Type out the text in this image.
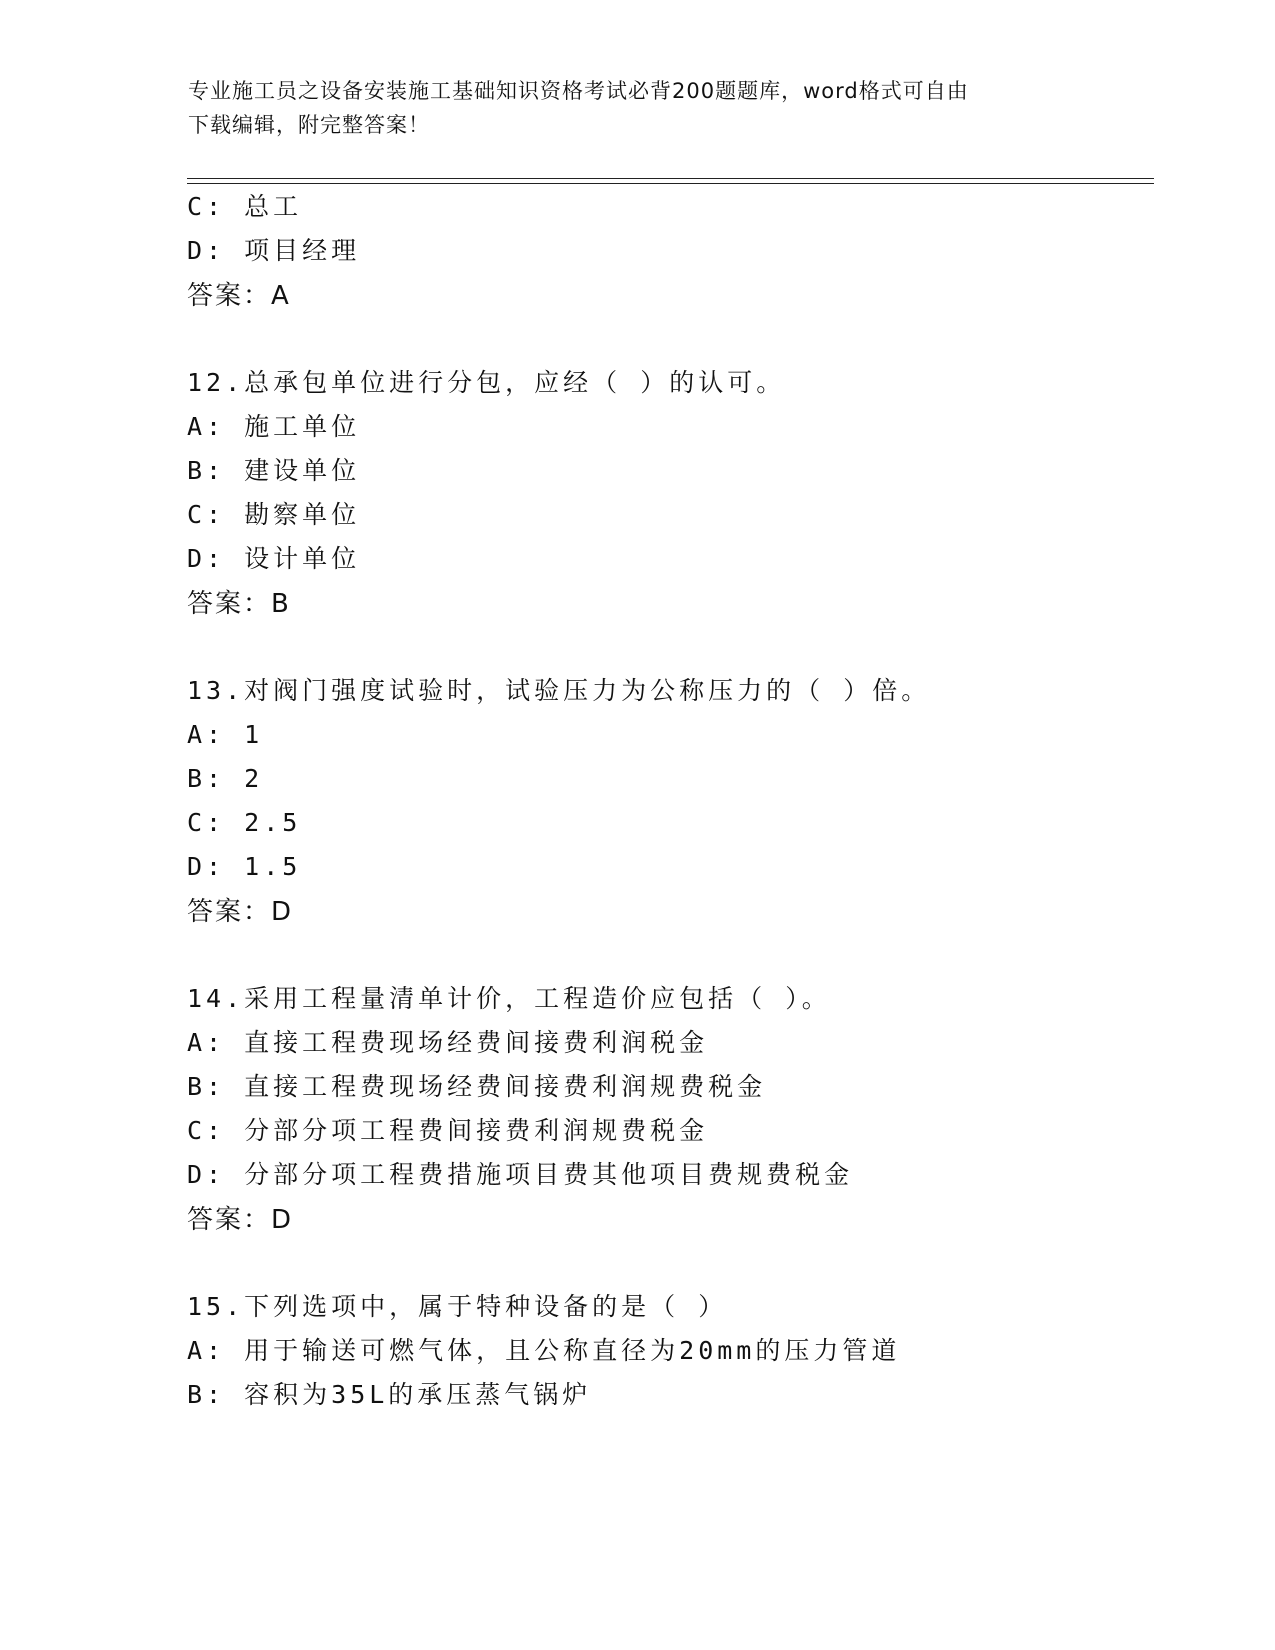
专业施工员之设备安装施工基础知识资格考试必背200题题库，word格式可自由
下载编辑，附完整答案！
C: 总工
D: 项目经理
答案：A
12.总承包单位进行分包，应经（ ）的认可。
A: 施工单位
B: 建设单位
C: 勘察单位
D: 设计单位
答案：B
13.对阀门强度试验时，试验压力为公称压力的（ ）倍。
A: 1
B: 2
C: 2.5
D: 1.5
答案：D
14.采用工程量清单计价，工程造价应包括（ ）。
A: 直接工程费现场经费间接费利润税金
B: 直接工程费现场经费间接费利润规费税金
C: 分部分项工程费间接费利润规费税金
D: 分部分项工程费措施项目费其他项目费规费税金
答案：D
15.下列选项中，属于特种设备的是（ ）
A: 用于输送可燃气体，且公称直径为20mm的压力管道
B: 容积为35L的承压蒸气锅炉
